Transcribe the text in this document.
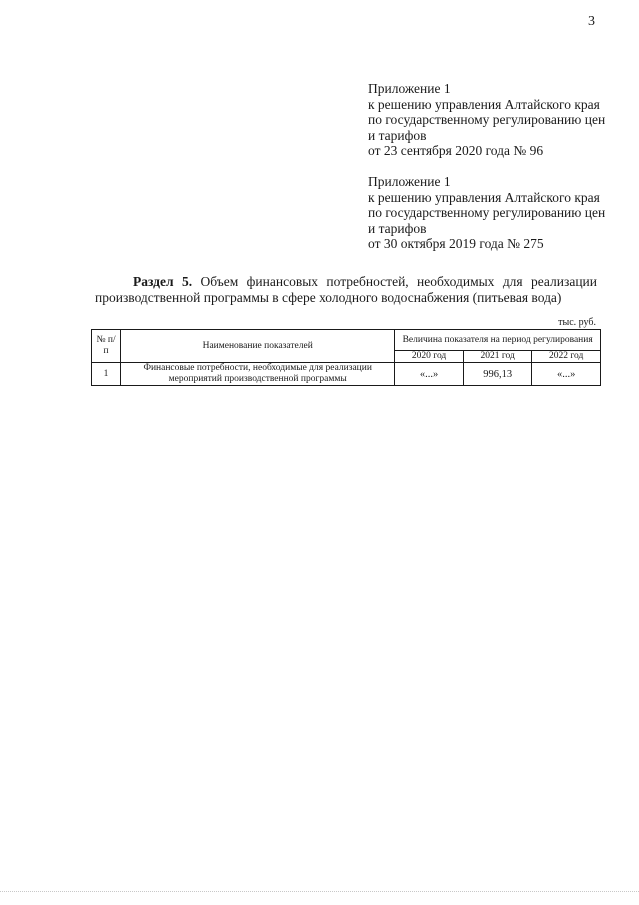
3
Приложение 1
к решению управления Алтайского края
по государственному регулированию цен
и тарифов
от 23 сентября 2020 года № 96
Приложение 1
к решению управления Алтайского края
по государственному регулированию цен
и тарифов
от 30 октября 2019 года № 275
Раздел 5. Объем финансовых потребностей, необходимых для реализации производственной программы в сфере холодного водоснабжения (питьевая вода)
тыс. руб.
№ п/п	Наименование показателей	Величина показателя на период регулирования		
		2020 год	2021 год	2022 год
1	Финансовые потребности, необходимые для реализации мероприятий производственной программы	«...»	996,13	«...»
